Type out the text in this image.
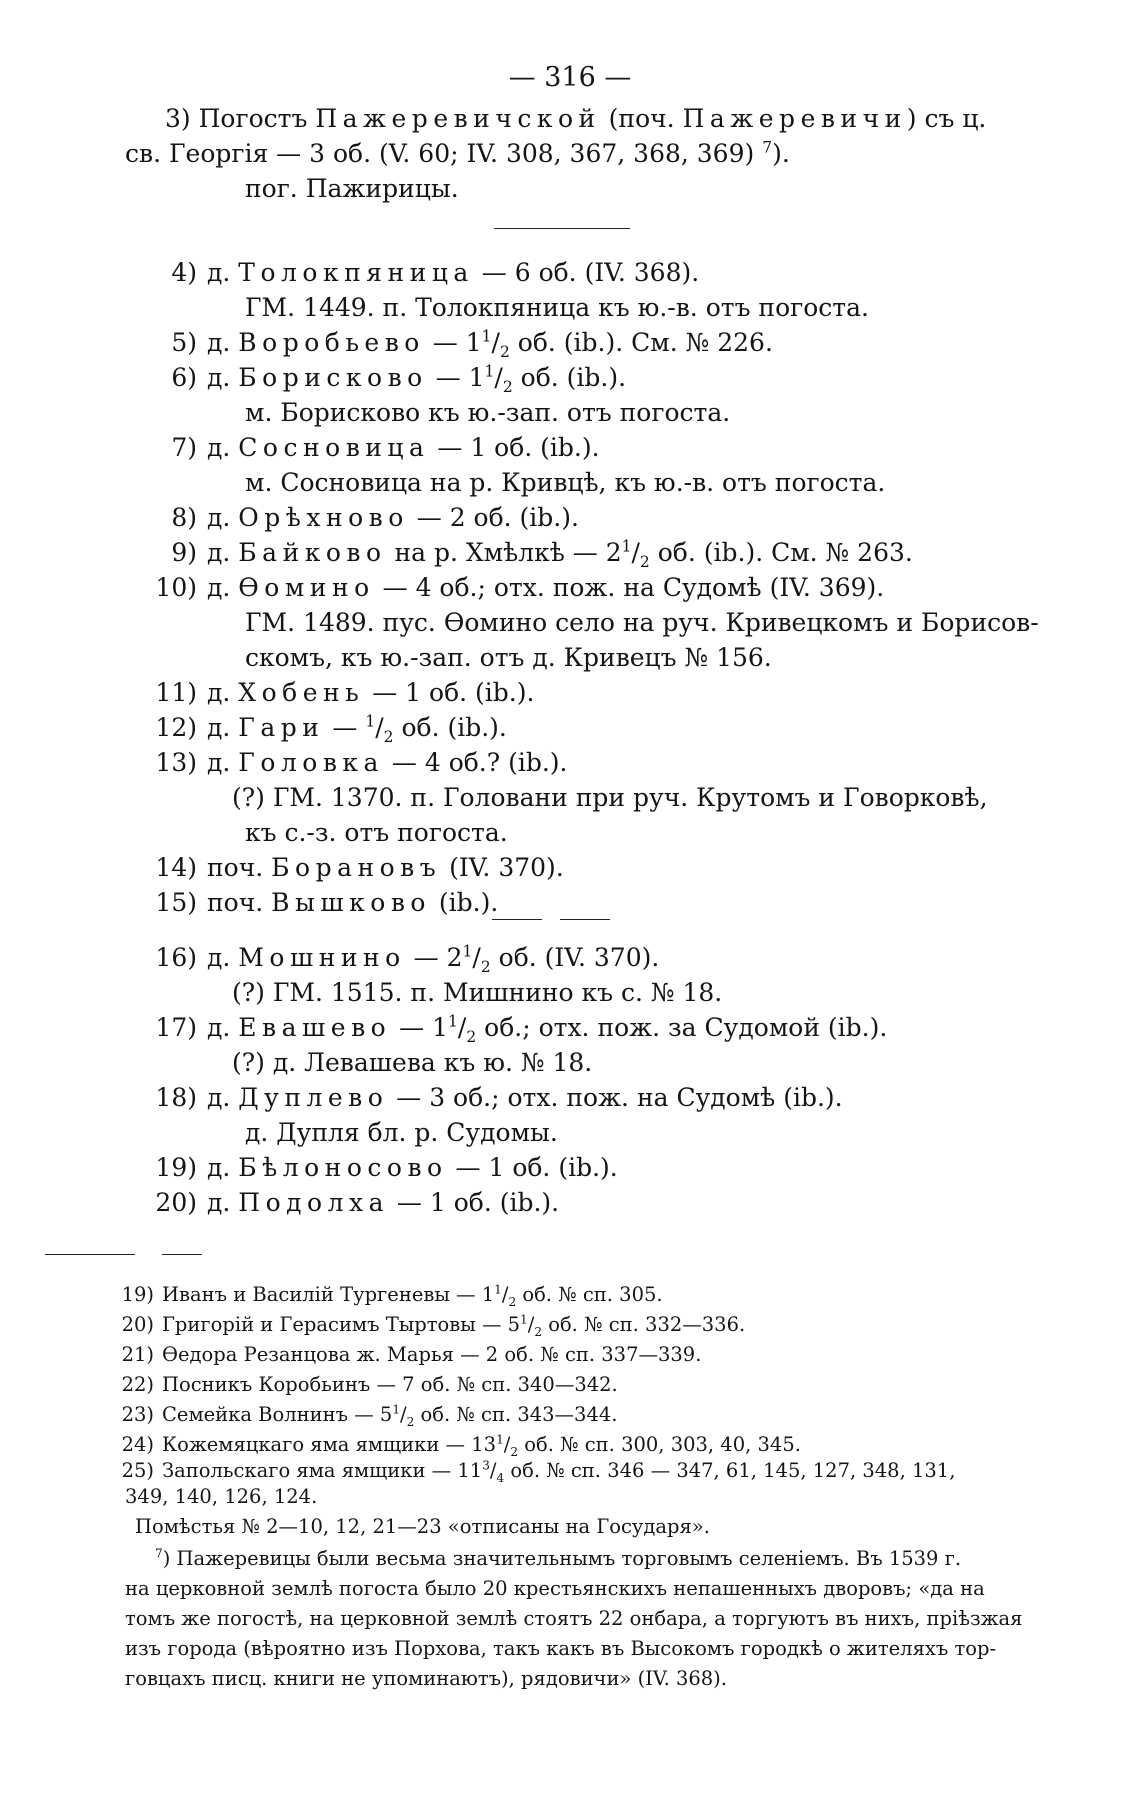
— 316 —
3) Погостъ Пажеревичской (поч. Пажеревичи) съ ц.
св. Георгія — 3 об. (V. 60; IV. 308, 367, 368, 369) $^7$).
пог. Пажирицы.
4) д. Толокпяница — 6 об. (IV. 368).
ГМ. 1449. п. Толокпяница къ ю.-в. отъ погоста.
5) д. Воробьево — $1^1/_2$ об. (ib.). См. № 226.
6) д. Борисково — $1^1/_2$ об. (ib.).
м. Борисково къ ю.-зап. отъ погоста.
7) д. Сосновица — 1 об. (ib.).
м. Сосновица на р. Кривцѣ, къ ю.-в. отъ погоста.
8) д. Орѣхново — 2 об. (ib.).
9) д. Байково на р. Хмѣлкѣ — $2^1/_2$ об. (ib.). См. № 263.
10) д. Ѳомино — 4 об.; отх. пож. на Судомѣ (IV. 369).
ГМ. 1489. пус. Ѳомино село на руч. Кривецкомъ и Борисов-
скомъ, къ ю.-зап. отъ д. Кривецъ № 156.
11) д. Хобень — 1 об. (ib.).
12) д. Гари — $^1/_2$ об. (ib.).
13) д. Головка — 4 об.? (ib.).
(?) ГМ. 1370. п. Головани при руч. Крутомъ и Говорковѣ,
къ с.-з. отъ погоста.
14) поч. Борановъ (IV. 370).
15) поч. Вышково (ib.).
16) д. Мошнино — $2^1/_2$ об. (IV. 370).
(?) ГМ. 1515. п. Мишнино къ с. № 18.
17) д. Евашево — $1^1/_2$ об.; отх. пож. за Судомой (ib.).
(?) д. Левашева къ ю. № 18.
18) д. Дуплево — 3 об.; отх. пож. на Судомѣ (ib.).
д. Дупля бл. р. Судомы.
19) д. Бѣлоносово — 1 об. (ib.).
20) д. Подолха — 1 об. (ib.).
19) Иванъ и Василій Тургеневы — $1^1/_2$ об. № сп. 305.
20) Григорій и Герасимъ Тыртовы — $5^1/_2$ об. № сп. 332—336.
21) Ѳедора Резанцова ж. Марья — 2 об. № сп. 337—339.
22) Посникъ Коробьинъ — 7 об. № сп. 340—342.
23) Семейка Волнинъ — $5^1/_2$ об. № сп. 343—344.
24) Кожемяцкаго яма ямщики — $13^1/_2$ об. № сп. 300, 303, 40, 345.
25) Запольскаго яма ямщики — $11^3/_4$ об. № сп. 346 — 347, 61, 145, 127, 348, 131,
349, 140, 126, 124.
Помѣстья № 2—10, 12, 21—23 «отписаны на Государя».
$^7$) Пажеревицы были весьма значительнымъ торговымъ селеніемъ. Въ 1539 г.
на церковной землѣ погоста было 20 крестьянскихъ непашенныхъ дворовъ; «да на
томъ же погостѣ, на церковной землѣ стоятъ 22 онбара, а торгуютъ въ нихъ, пріѣзжая
изъ города (вѣроятно изъ Порхова, такъ какъ въ Высокомъ городкѣ о жителяхъ тор-
говцахъ писц. книги не упоминаютъ), рядовичи» (IV. 368).
